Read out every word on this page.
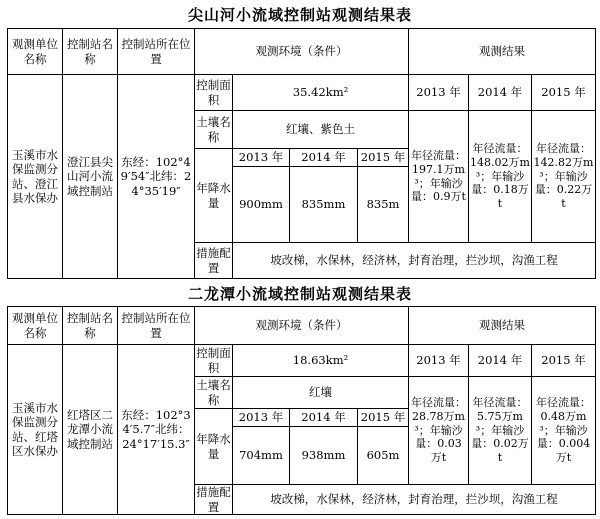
尖山河小流域控制站观测结果表
观测单位名称	控制站名称	控制站所在位置	观测环境（条件）				观测结果		
玉溪市水保监测分站、澄江县水保办	澄江县尖山河小流域控制站	东经：102°49′54″北纬：24°35′19″	控制面积	35.42km²			2013 年	2014 年	2015 年
			土壤名称	红壤、紫色土			年径流量：197.1万m³；年输沙量：0.9万t	年径流量：148.02万m³；年输沙量：0.18万t	年径流量：142.82万m³；年输沙量：0.22万t
			年降水量	2013 年	2014 年	2015 年			
				900mm	835mm	835m			
			措施配置	坡改梯，水保林，经济林，封育治理，拦沙坝，沟渔工程					
二龙潭小流域控制站观测结果表
观测单位名称	控制站名称	控制站所在位置	观测环境（条件）				观测结果		
玉溪市水保监测分站、红塔区水保办	红塔区二龙潭小流域控制站	东经：102°34′5.7″北纬：24°17′15.3″	控制面积	18.63km²			2013 年	2014 年	2015 年
			土壤名称	红壤			年径流量：28.78万m³；年输沙量：0.03万t	年径流量：5.75万m³；年输沙量：0.02万t	年径流量：0.48万m³；年输沙量：0.004万t
			年降水量	2013 年	2014 年	2015 年			
				704mm	938mm	605m			
			措施配置	坡改梯，水保林，经济林，封育治理，拦沙坝，沟渔工程					
